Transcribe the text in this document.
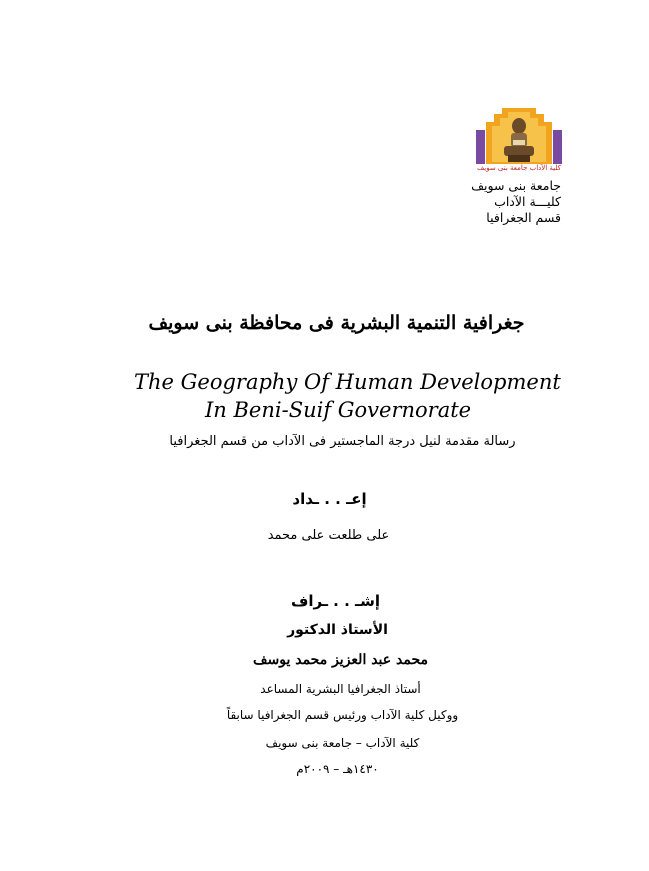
كلية الآداب جامعة بنى سويف
جامعة بنى سويف
كليـــة الآداب
قسم الجغرافيا
جغرافية التنمية البشرية فى محافظة بنى سويف
The Geography Of Human Development
In Beni-Suif Governorate
رسالة مقدمة لنيل درجة الماجستير فى الآداب من قسم الجغرافيا
إعـ . . ـداد
على طلعت على محمد
إشـ . . ـراف
الأستاذ الدكتور
محمد عبد العزيز محمد يوسف
أستاذ الجغرافيا البشرية المساعد
ووكيل كلية الآداب ورئيس قسم الجغرافيا سابقاً
كلية الآداب – جامعة بنى سويف
١٤٣٠هـ – ٢٠٠٩م
